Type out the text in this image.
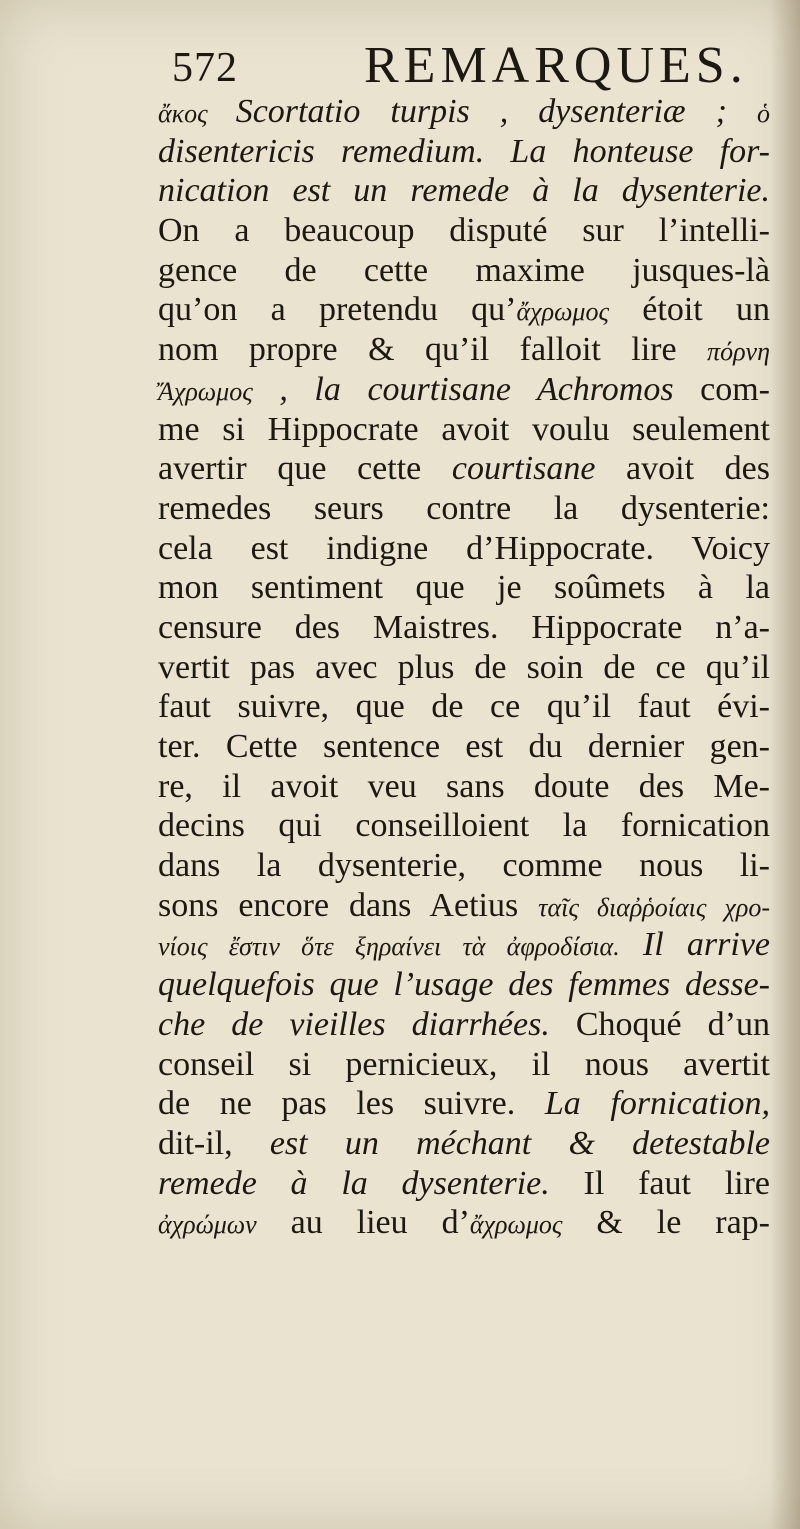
572 REMARQUES.
ἄκος Scortatio turpis , dysenteriæ ; ὁ
disentericis remedium. La honteuse for-
nication est un remede à la dysenterie.
On a beaucoup disputé sur l’intelli-
gence de cette maxime jusques-là
qu’on a pretendu qu’ἄχρωμος étoit un
nom propre & qu’il falloit lire πόρνη
Ἄχρωμος , la courtisane Achromos com-
me si Hippocrate avoit voulu seulement
avertir que cette courtisane avoit des
remedes seurs contre la dysenterie:
cela est indigne d’Hippocrate. Voicy
mon sentiment que je soûmets à la
censure des Maistres. Hippocrate n’a-
vertit pas avec plus de soin de ce qu’il
faut suivre, que de ce qu’il faut évi-
ter. Cette sentence est du dernier gen-
re, il avoit veu sans doute des Me-
decins qui conseilloient la fornication
dans la dysenterie, comme nous li-
sons encore dans Aetius ταῖς διαῤῥοίαις χρο-
νίοις ἔστιν ὅτε ξηραίνει τὰ ἀφροδίσια. Il arrive
quelquefois que l’usage des femmes desse-
che de vieilles diarrhées. Choqué d’un
conseil si pernicieux, il nous avertit
de ne pas les suivre. La fornication,
dit-il, est un méchant & detestable
remede à la dysenterie. Il faut lire
ἀχρώμων au lieu d’ἄχρωμος & le rap-
